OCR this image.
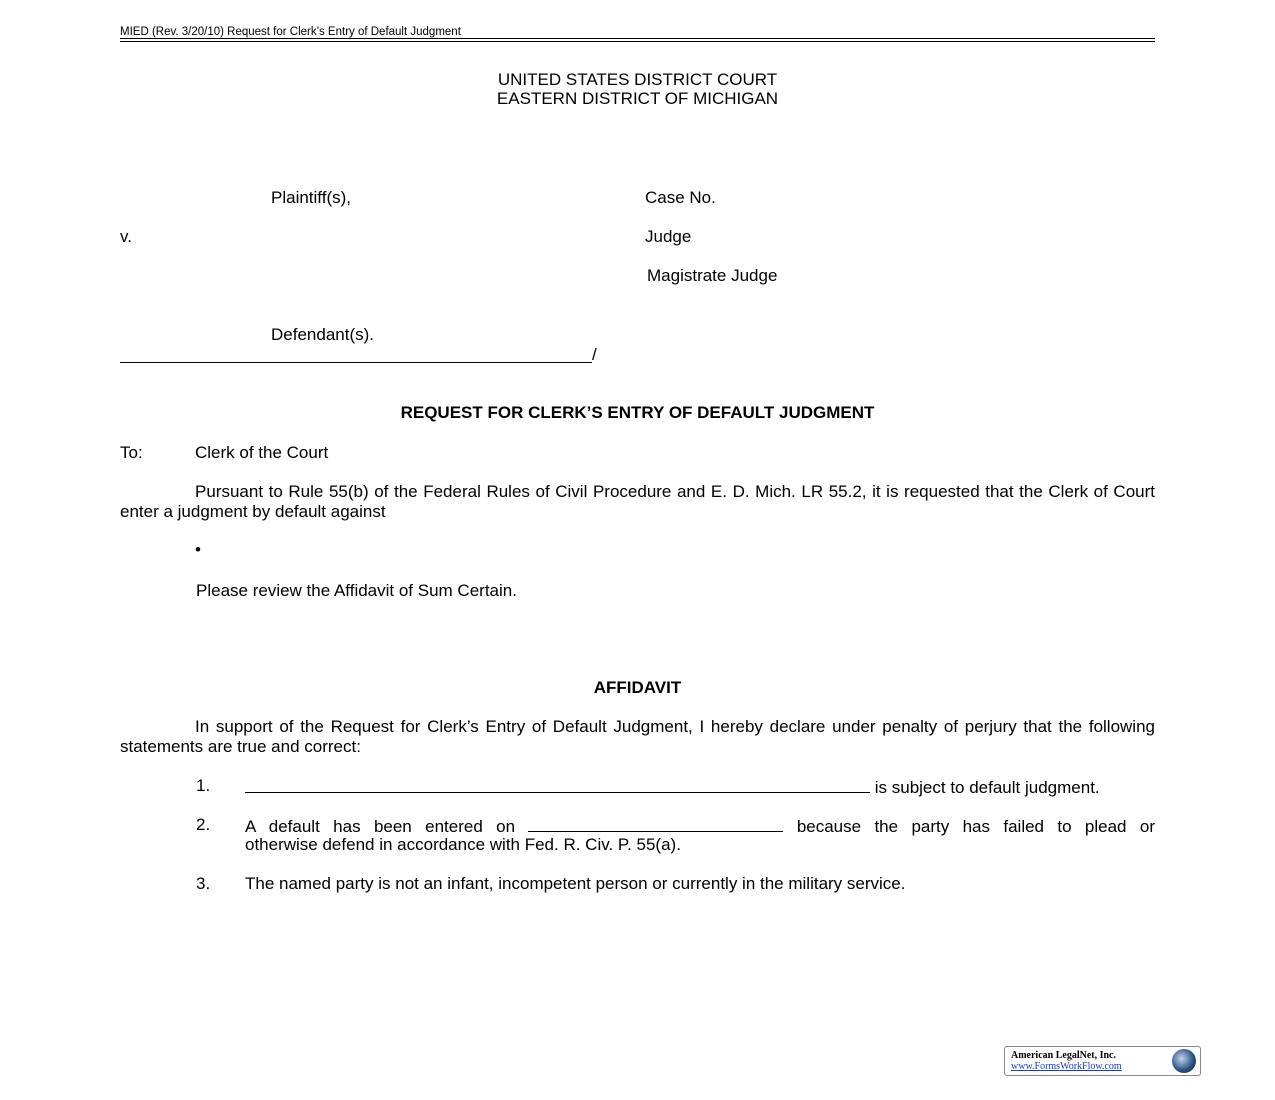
MIED (Rev. 3/20/10) Request for Clerk’s Entry of Default Judgment
UNITED STATES DISTRICT COURT
EASTERN DISTRICT OF MICHIGAN
Plaintiff(s),	Case No.
v.	Judge
Magistrate Judge
Defendant(s).
/
REQUEST FOR CLERK’S ENTRY OF DEFAULT JUDGMENT
To:	Clerk of the Court
Pursuant to Rule 55(b) of the Federal Rules of Civil Procedure and E. D. Mich. LR 55.2, it is requested that the Clerk of Court enter a judgment by default against
•
Please review the Affidavit of Sum Certain.
AFFIDAVIT
In support of the Request for Clerk’s Entry of Default Judgment, I hereby declare under penalty of perjury that the following statements are true and correct:
1.	is subject to default judgment.
2. A default has been entered on	because the party has failed to plead or
otherwise defend in accordance with Fed. R. Civ. P. 55(a).
3. The named party is not an infant, incompetent person or currently in the military service.
American LegalNet, Inc.
www.FormsWorkFlow.com
